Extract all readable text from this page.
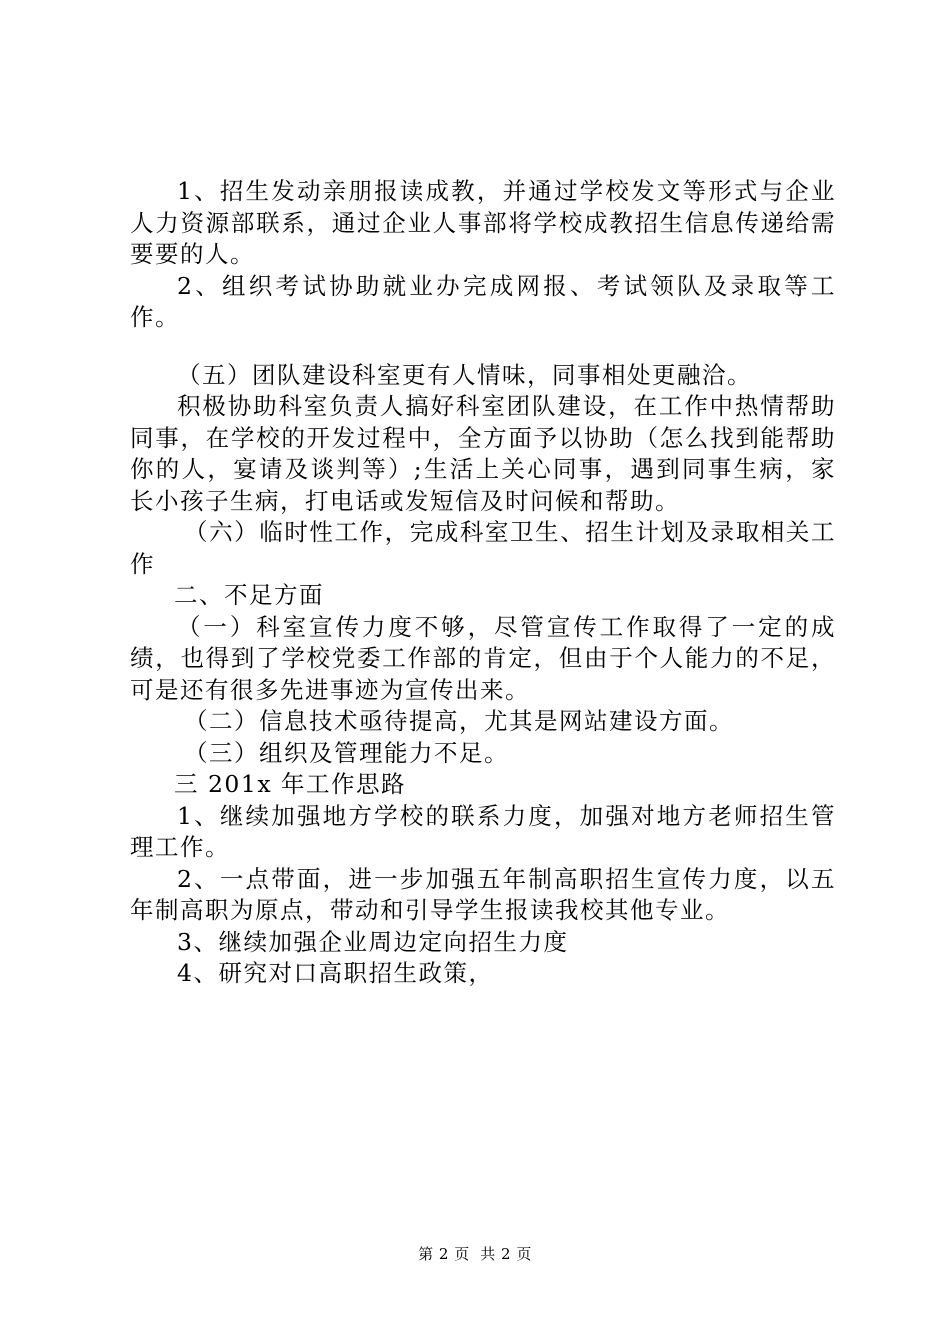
1、招生发动亲朋报读成教，并通过学校发文等形式与企业人力资源部联系，通过企业人事部将学校成教招生信息传递给需要要的人。

2、组织考试协助就业办完成网报、考试领队及录取等工作。

（五）团队建设科室更有人情味，同事相处更融洽。

积极协助科室负责人搞好科室团队建设，在工作中热情帮助同事，在学校的开发过程中，全方面予以协助（怎么找到能帮助你的人，宴请及谈判等）;生活上关心同事，遇到同事生病，家长小孩子生病，打电话或发短信及时问候和帮助。

（六）临时性工作，完成科室卫生、招生计划及录取相关工作

二、不足方面

（一）科室宣传力度不够，尽管宣传工作取得了一定的成绩，也得到了学校党委工作部的肯定，但由于个人能力的不足，可是还有很多先进事迹为宣传出来。

（二）信息技术亟待提高，尤其是网站建设方面。

（三）组织及管理能力不足。

三 201x 年工作思路

1、继续加强地方学校的联系力度，加强对地方老师招生管理工作。

2、一点带面，进一步加强五年制高职招生宣传力度，以五年制高职为原点，带动和引导学生报读我校其他专业。

3、继续加强企业周边定向招生力度

4、研究对口高职招生政策，

第 2 页  共 2 页
